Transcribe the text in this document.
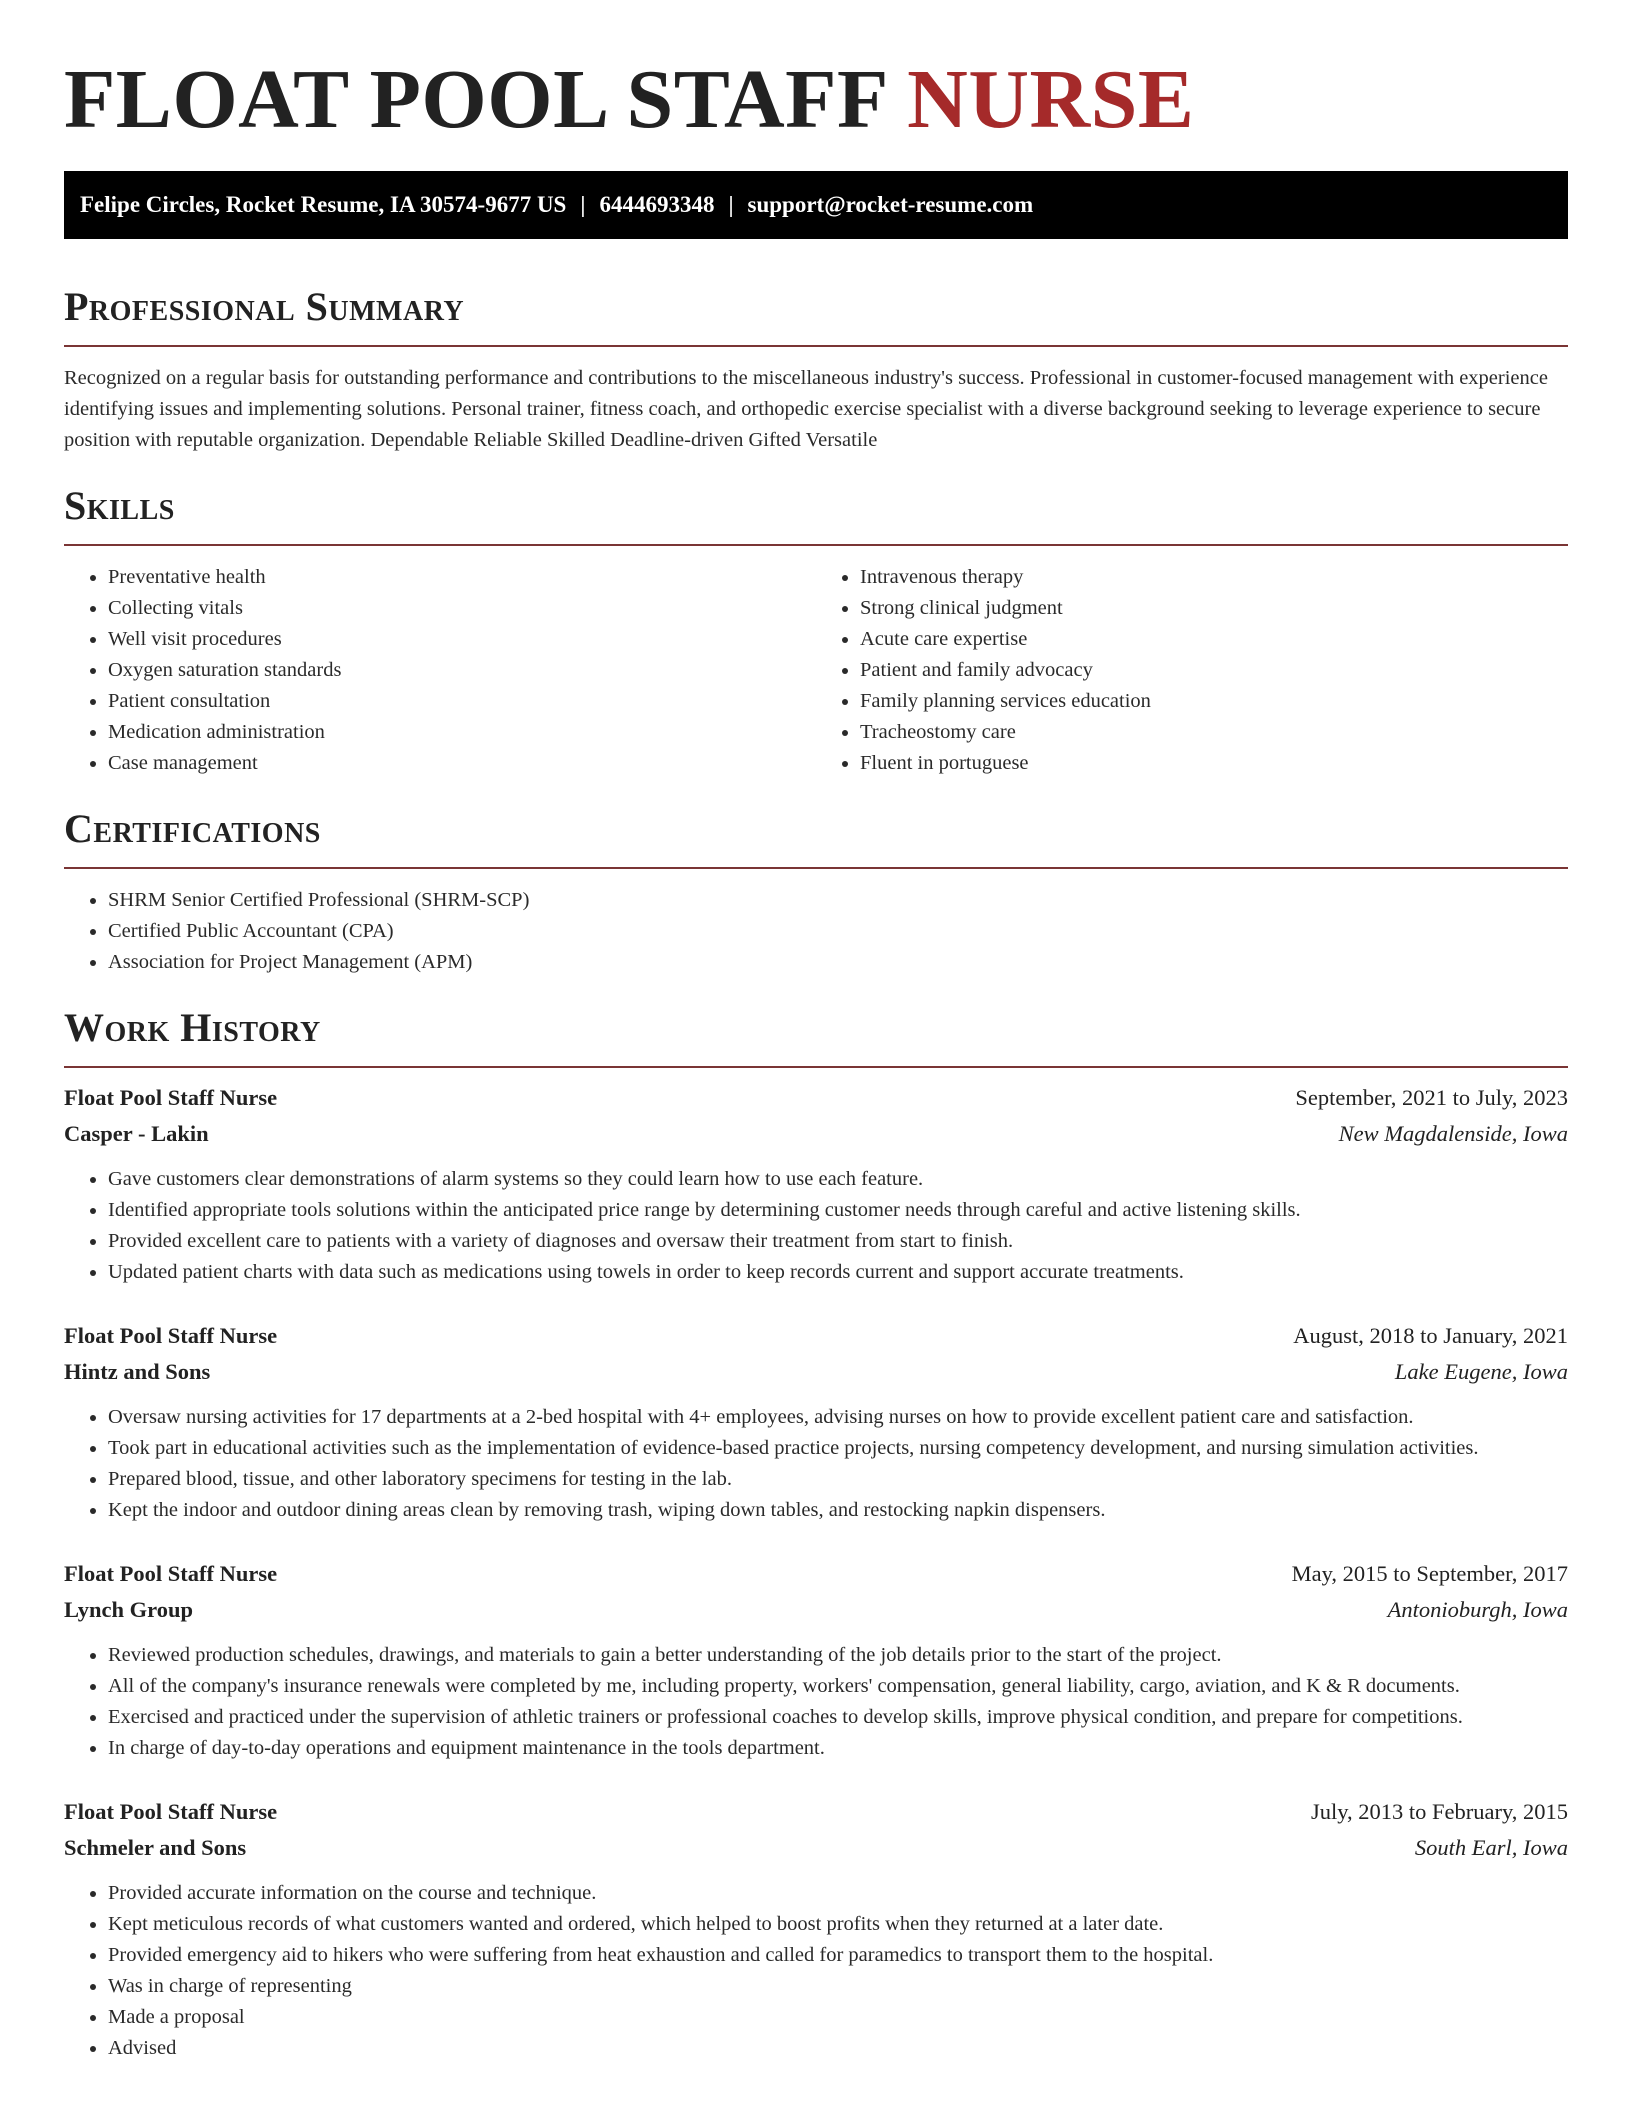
FLOAT POOL STAFF NURSE
Felipe Circles, Rocket Resume, IA 30574-9677 US | 6444693348 | support@rocket-resume.com
Professional Summary

Recognized on a regular basis for outstanding performance and contributions to the miscellaneous industry's success. Professional in customer-focused management with experience identifying issues and implementing solutions. Personal trainer, fitness coach, and orthopedic exercise specialist with a diverse background seeking to leverage experience to secure position with reputable organization. Dependable Reliable Skilled Deadline-driven Gifted Versatile

Skills
• Preventative health
• Collecting vitals
• Well visit procedures
• Oxygen saturation standards
• Patient consultation
• Medication administration
• Case management
• Intravenous therapy
• Strong clinical judgment
• Acute care expertise
• Patient and family advocacy
• Family planning services education
• Tracheostomy care
• Fluent in portuguese
Certifications
• SHRM Senior Certified Professional (SHRM-SCP)
• Certified Public Accountant (CPA)
• Association for Project Management (APM)
Work History
Float Pool Staff Nurse	September, 2021 to July, 2023
Casper - Lakin	New Magdalenside, Iowa
• Gave customers clear demonstrations of alarm systems so they could learn how to use each feature.
• Identified appropriate tools solutions within the anticipated price range by determining customer needs through careful and active listening skills.
• Provided excellent care to patients with a variety of diagnoses and oversaw their treatment from start to finish.
• Updated patient charts with data such as medications using towels in order to keep records current and support accurate treatments.
Float Pool Staff Nurse	August, 2018 to January, 2021
Hintz and Sons	Lake Eugene, Iowa
• Oversaw nursing activities for 17 departments at a 2-bed hospital with 4+ employees, advising nurses on how to provide excellent patient care and satisfaction.
• Took part in educational activities such as the implementation of evidence-based practice projects, nursing competency development, and nursing simulation activities.
• Prepared blood, tissue, and other laboratory specimens for testing in the lab.
• Kept the indoor and outdoor dining areas clean by removing trash, wiping down tables, and restocking napkin dispensers.
Float Pool Staff Nurse	May, 2015 to September, 2017
Lynch Group	Antonioburgh, Iowa
• Reviewed production schedules, drawings, and materials to gain a better understanding of the job details prior to the start of the project.
• All of the company's insurance renewals were completed by me, including property, workers' compensation, general liability, cargo, aviation, and K & R documents.
• Exercised and practiced under the supervision of athletic trainers or professional coaches to develop skills, improve physical condition, and prepare for competitions.
• In charge of day-to-day operations and equipment maintenance in the tools department.
Float Pool Staff Nurse	July, 2013 to February, 2015
Schmeler and Sons	South Earl, Iowa
• Provided accurate information on the course and technique.
• Kept meticulous records of what customers wanted and ordered, which helped to boost profits when they returned at a later date.
• Provided emergency aid to hikers who were suffering from heat exhaustion and called for paramedics to transport them to the hospital.
• Was in charge of representing
• Made a proposal
• Advised
